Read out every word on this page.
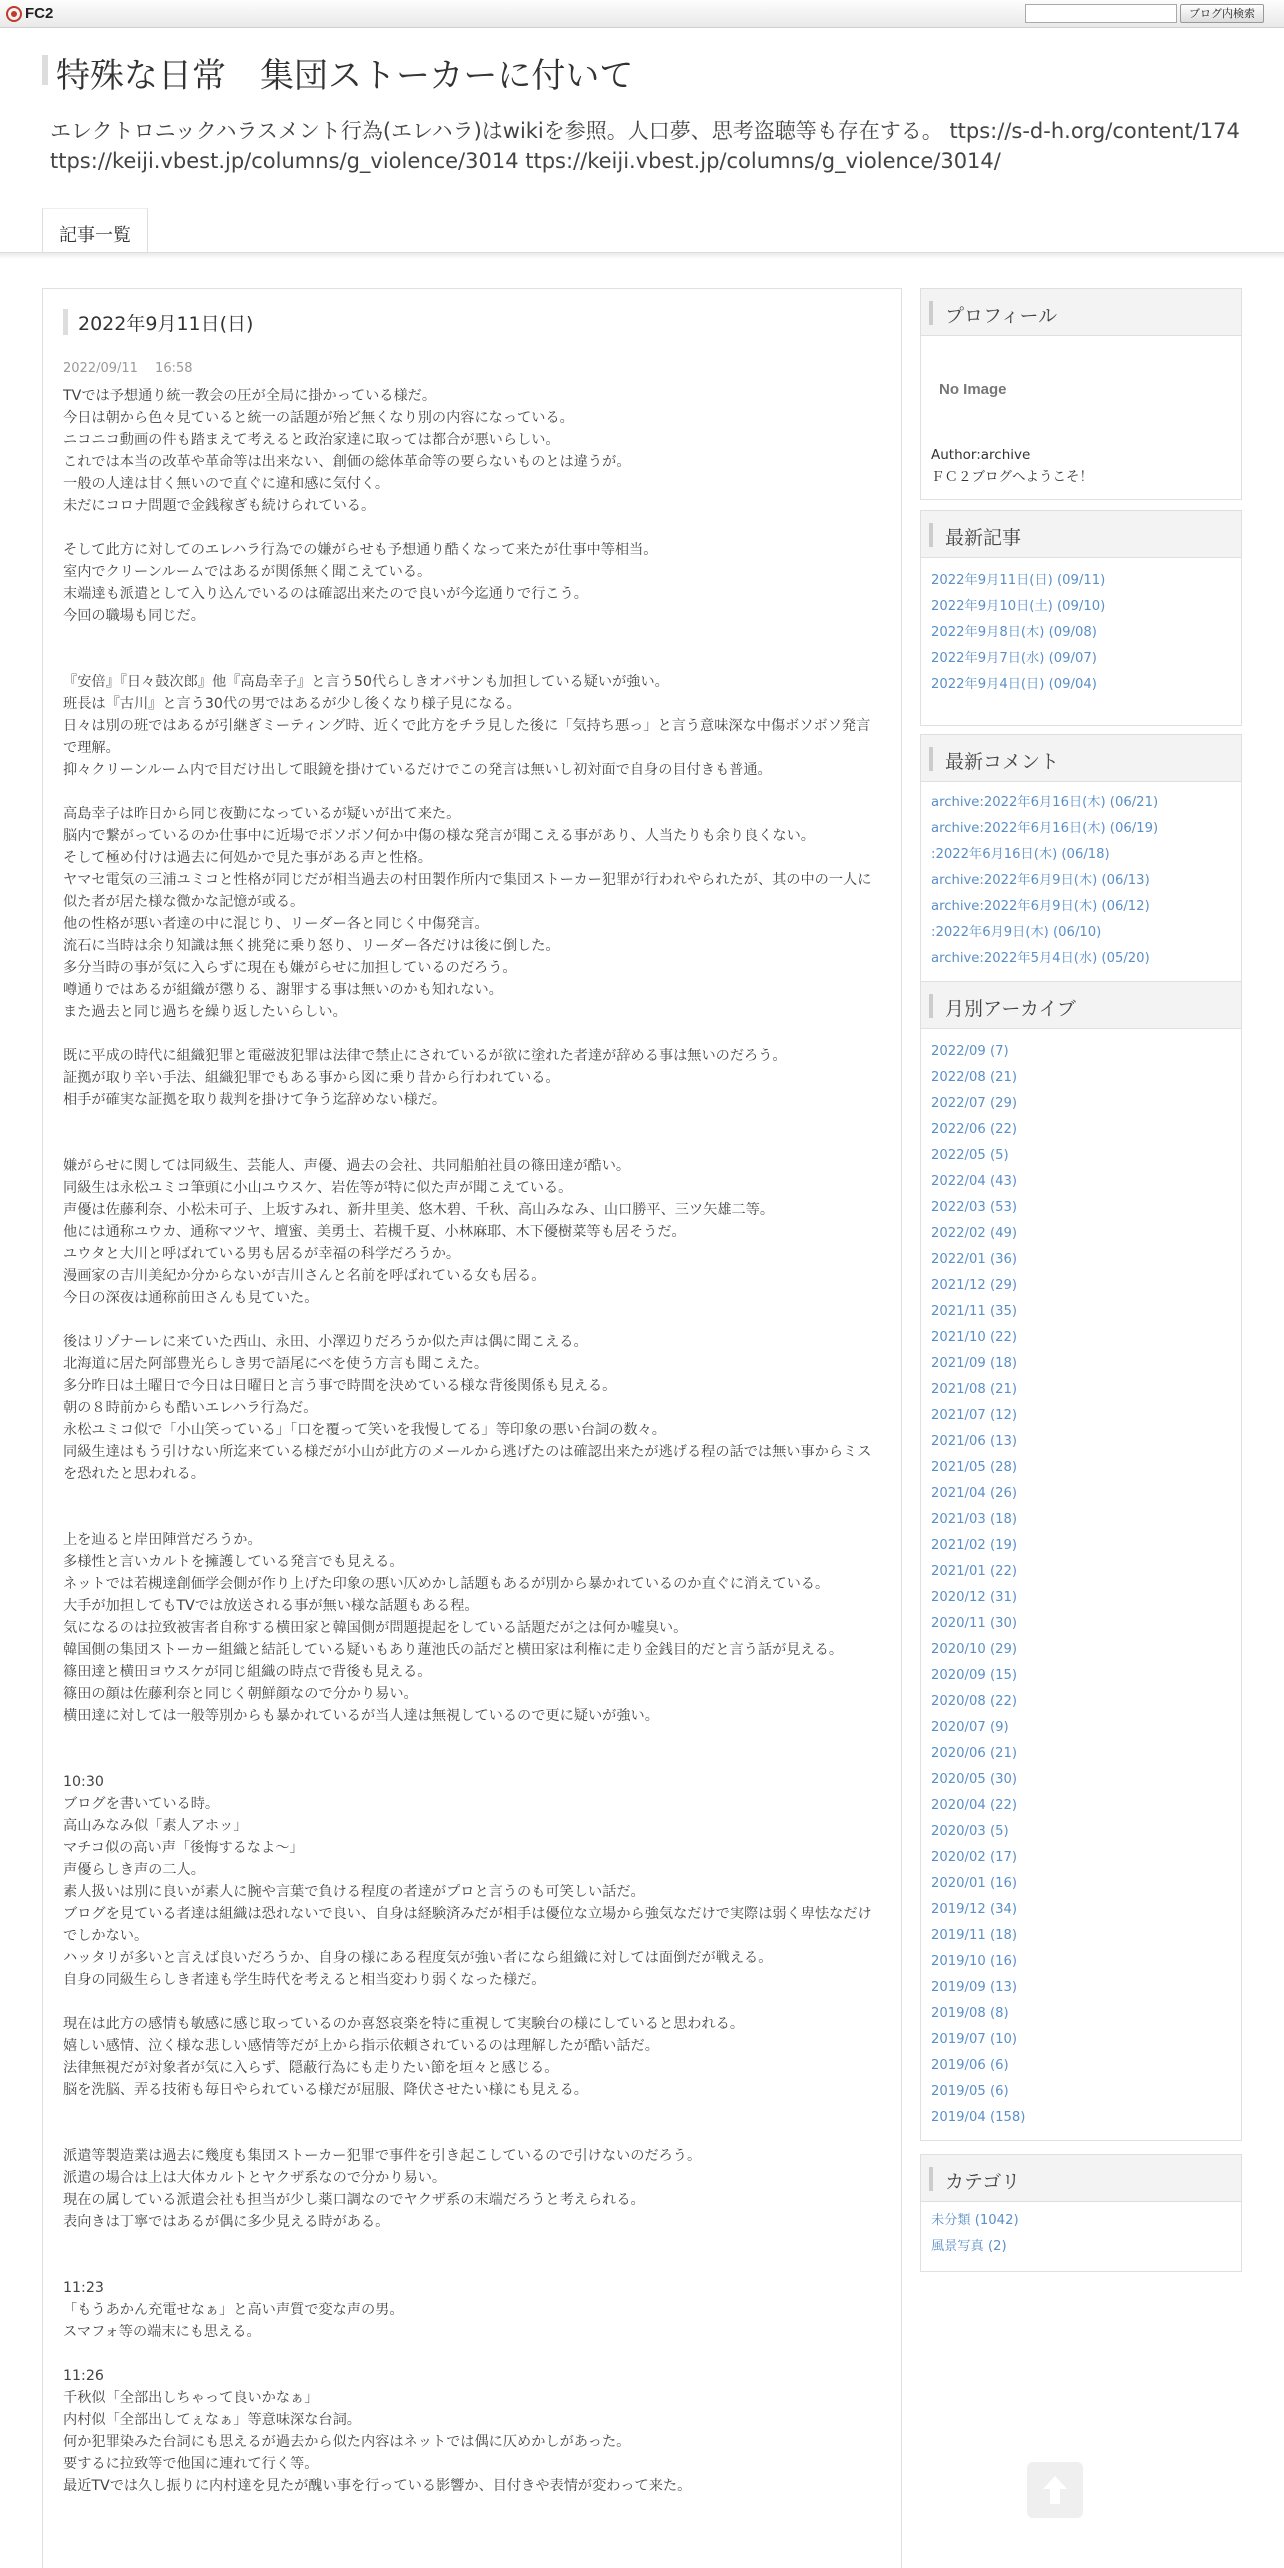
FC2	ブログ内検索
特殊な日常　集団ストーカーに付いて
エレクトロニックハラスメント行為(エレハラ)はwikiを参照。人口夢、思考盗聴等も存在する。 ttps://s-d-h.org/content/174
ttps://keiji.vbest.jp/columns/g_violence/3014 ttps://keiji.vbest.jp/columns/g_violence/3014/
記事一覧
2022年9月11日(日)
2022/09/11　 16:58
TVでは予想通り統一教会の圧が全局に掛かっている様だ。
今日は朝から色々見ていると統一の話題が殆ど無くなり別の内容になっている。
ニコニコ動画の件も踏まえて考えると政治家達に取っては都合が悪いらしい。
これでは本当の改革や革命等は出来ない、創価の総体革命等の要らないものとは違うが。
一般の人達は甘く無いので直ぐに違和感に気付く。
未だにコロナ問題で金銭稼ぎも続けられている。
そして此方に対してのエレハラ行為での嫌がらせも予想通り酷くなって来たが仕事中等相当。
室内でクリーンルームではあるが関係無く聞こえている。
末端達も派遣として入り込んでいるのは確認出来たので良いが今迄通りで行こう。
今回の職場も同じだ。
『安倍』『日々鼓次郎』他『高島幸子』と言う50代らしきオバサンも加担している疑いが強い。
班長は『古川』と言う30代の男ではあるが少し後くなり様子見になる。
日々は別の班ではあるが引継ぎミーティング時、近くで此方をチラ見した後に「気持ち悪っ」と言う意味深な中傷ボソボソ発言で理解。
抑々クリーンルーム内で目だけ出して眼鏡を掛けているだけでこの発言は無いし初対面で自身の目付きも普通。
高島幸子は昨日から同じ夜勤になっているが疑いが出て来た。
脳内で繋がっているのか仕事中に近場でボソボソ何か中傷の様な発言が聞こえる事があり、人当たりも余り良くない。
そして極め付けは過去に何処かで見た事がある声と性格。
ヤマセ電気の三浦ユミコと性格が同じだが相当過去の村田製作所内で集団ストーカー犯罪が行われやられたが、其の中の一人に似た者が居た様な微かな記憶が或る。
他の性格が悪い者達の中に混じり、リーダー各と同じく中傷発言。
流石に当時は余り知識は無く挑発に乗り怒り、リーダー各だけは後に倒した。
多分当時の事が気に入らずに現在も嫌がらせに加担しているのだろう。
噂通りではあるが組織が懲りる、謝罪する事は無いのかも知れない。
また過去と同じ過ちを繰り返したいらしい。
既に平成の時代に組織犯罪と電磁波犯罪は法律で禁止にされているが欲に塗れた者達が辞める事は無いのだろう。
証拠が取り辛い手法、組織犯罪でもある事から図に乗り昔から行われている。
相手が確実な証拠を取り裁判を掛けて争う迄辞めない様だ。
嫌がらせに関しては同級生、芸能人、声優、過去の会社、共同船舶社員の篠田達が酷い。
同級生は永松ユミコ筆頭に小山ユウスケ、岩佐等が特に似た声が聞こえている。
声優は佐藤利奈、小松未可子、上坂すみれ、新井里美、悠木碧、千秋、高山みなみ、山口勝平、三ツ矢雄二等。
他には通称ユウカ、通称マツヤ、壇蜜、美勇士、若槻千夏、小林麻耶、木下優樹菜等も居そうだ。
ユウタと大川と呼ばれている男も居るが幸福の科学だろうか。
漫画家の吉川美紀か分からないが吉川さんと名前を呼ばれている女も居る。
今日の深夜は通称前田さんも見ていた。
後はリゾナーレに来ていた西山、永田、小澤辺りだろうか似た声は偶に聞こえる。
北海道に居た阿部豊光らしき男で語尾にべを使う方言も聞こえた。
多分昨日は土曜日で今日は日曜日と言う事で時間を決めている様な背後関係も見える。
朝の８時前からも酷いエレハラ行為だ。
永松ユミコ似で「小山笑っている」「口を覆って笑いを我慢してる」等印象の悪い台詞の数々。
同級生達はもう引けない所迄来ている様だが小山が此方のメールから逃げたのは確認出来たが逃げる程の話では無い事からミスを恐れたと思われる。
上を辿ると岸田陣営だろうか。
多様性と言いカルトを擁護している発言でも見える。
ネットでは若槻達創価学会側が作り上げた印象の悪い仄めかし話題もあるが別から暴かれているのか直ぐに消えている。
大手が加担してもTVでは放送される事が無い様な話題もある程。
気になるのは拉致被害者自称する横田家と韓国側が問題提起をしている話題だが之は何か嘘臭い。
韓国側の集団ストーカー組織と結託している疑いもあり蓮池氏の話だと横田家は利権に走り金銭目的だと言う話が見える。
篠田達と横田ヨウスケが同じ組織の時点で背後も見える。
篠田の顔は佐藤利奈と同じく朝鮮顔なので分かり易い。
横田達に対しては一般等別からも暴かれているが当人達は無視しているので更に疑いが強い。
10:30
ブログを書いている時。
高山みなみ似「素人アホッ」
マチコ似の高い声「後悔するなよ～」
声優らしき声の二人。
素人扱いは別に良いが素人に腕や言葉で負ける程度の者達がプロと言うのも可笑しい話だ。
ブログを見ている者達は組織は恐れないで良い、自身は経験済みだが相手は優位な立場から強気なだけで実際は弱く卑怯なだけでしかない。
ハッタリが多いと言えば良いだろうか、自身の様にある程度気が強い者になら組織に対しては面倒だが戦える。
自身の同級生らしき者達も学生時代を考えると相当変わり弱くなった様だ。
現在は此方の感情も敏感に感じ取っているのか喜怒哀楽を特に重視して実験台の様にしていると思われる。
嬉しい感情、泣く様な悲しい感情等だが上から指示依頼されているのは理解したが酷い話だ。
法律無視だが対象者が気に入らず、隠蔽行為にも走りたい節を垣々と感じる。
脳を洗脳、弄る技術も毎日やられている様だが屈服、降伏させたい様にも見える。
派遣等製造業は過去に幾度も集団ストーカー犯罪で事件を引き起こしているので引けないのだろう。
派遣の場合は上は大体カルトとヤクザ系なので分かり易い。
現在の属している派遣会社も担当が少し薬口調なのでヤクザ系の末端だろうと考えられる。
表向きは丁寧ではあるが偶に多少見える時がある。
11:23
「もうあかん充電せなぁ」と高い声質で変な声の男。
スマフォ等の端末にも思える。
11:26
千秋似「全部出しちゃって良いかなぁ」
内村似「全部出してぇなぁ」等意味深な台詞。
何か犯罪染みた台詞にも思えるが過去から似た内容はネットでは偶に仄めかしがあった。
要するに拉致等で他国に連れて行く等。
最近TVでは久し振りに内村達を見たが醜い事を行っている影響か、目付きや表情が変わって来た。
プロフィール
No Image
Author:archive
ＦＣ２ブログへようこそ！
最新記事
2022年9月11日(日) (09/11)
2022年9月10日(土) (09/10)
2022年9月8日(木) (09/08)
2022年9月7日(水) (09/07)
2022年9月4日(日) (09/04)
最新コメント
archive:2022年6月16日(木) (06/21)
archive:2022年6月16日(木) (06/19)
:2022年6月16日(木) (06/18)
archive:2022年6月9日(木) (06/13)
archive:2022年6月9日(木) (06/12)
:2022年6月9日(木) (06/10)
archive:2022年5月4日(水) (05/20)
月別アーカイブ
2022/09 (7)
2022/08 (21)
2022/07 (29)
2022/06 (22)
2022/05 (5)
2022/04 (43)
2022/03 (53)
2022/02 (49)
2022/01 (36)
2021/12 (29)
2021/11 (35)
2021/10 (22)
2021/09 (18)
2021/08 (21)
2021/07 (12)
2021/06 (13)
2021/05 (28)
2021/04 (26)
2021/03 (18)
2021/02 (19)
2021/01 (22)
2020/12 (31)
2020/11 (30)
2020/10 (29)
2020/09 (15)
2020/08 (22)
2020/07 (9)
2020/06 (21)
2020/05 (30)
2020/04 (22)
2020/03 (5)
2020/02 (17)
2020/01 (16)
2019/12 (34)
2019/11 (18)
2019/10 (16)
2019/09 (13)
2019/08 (8)
2019/07 (10)
2019/06 (6)
2019/05 (6)
2019/04 (158)
カテゴリ
未分類 (1042)
風景写真 (2)
